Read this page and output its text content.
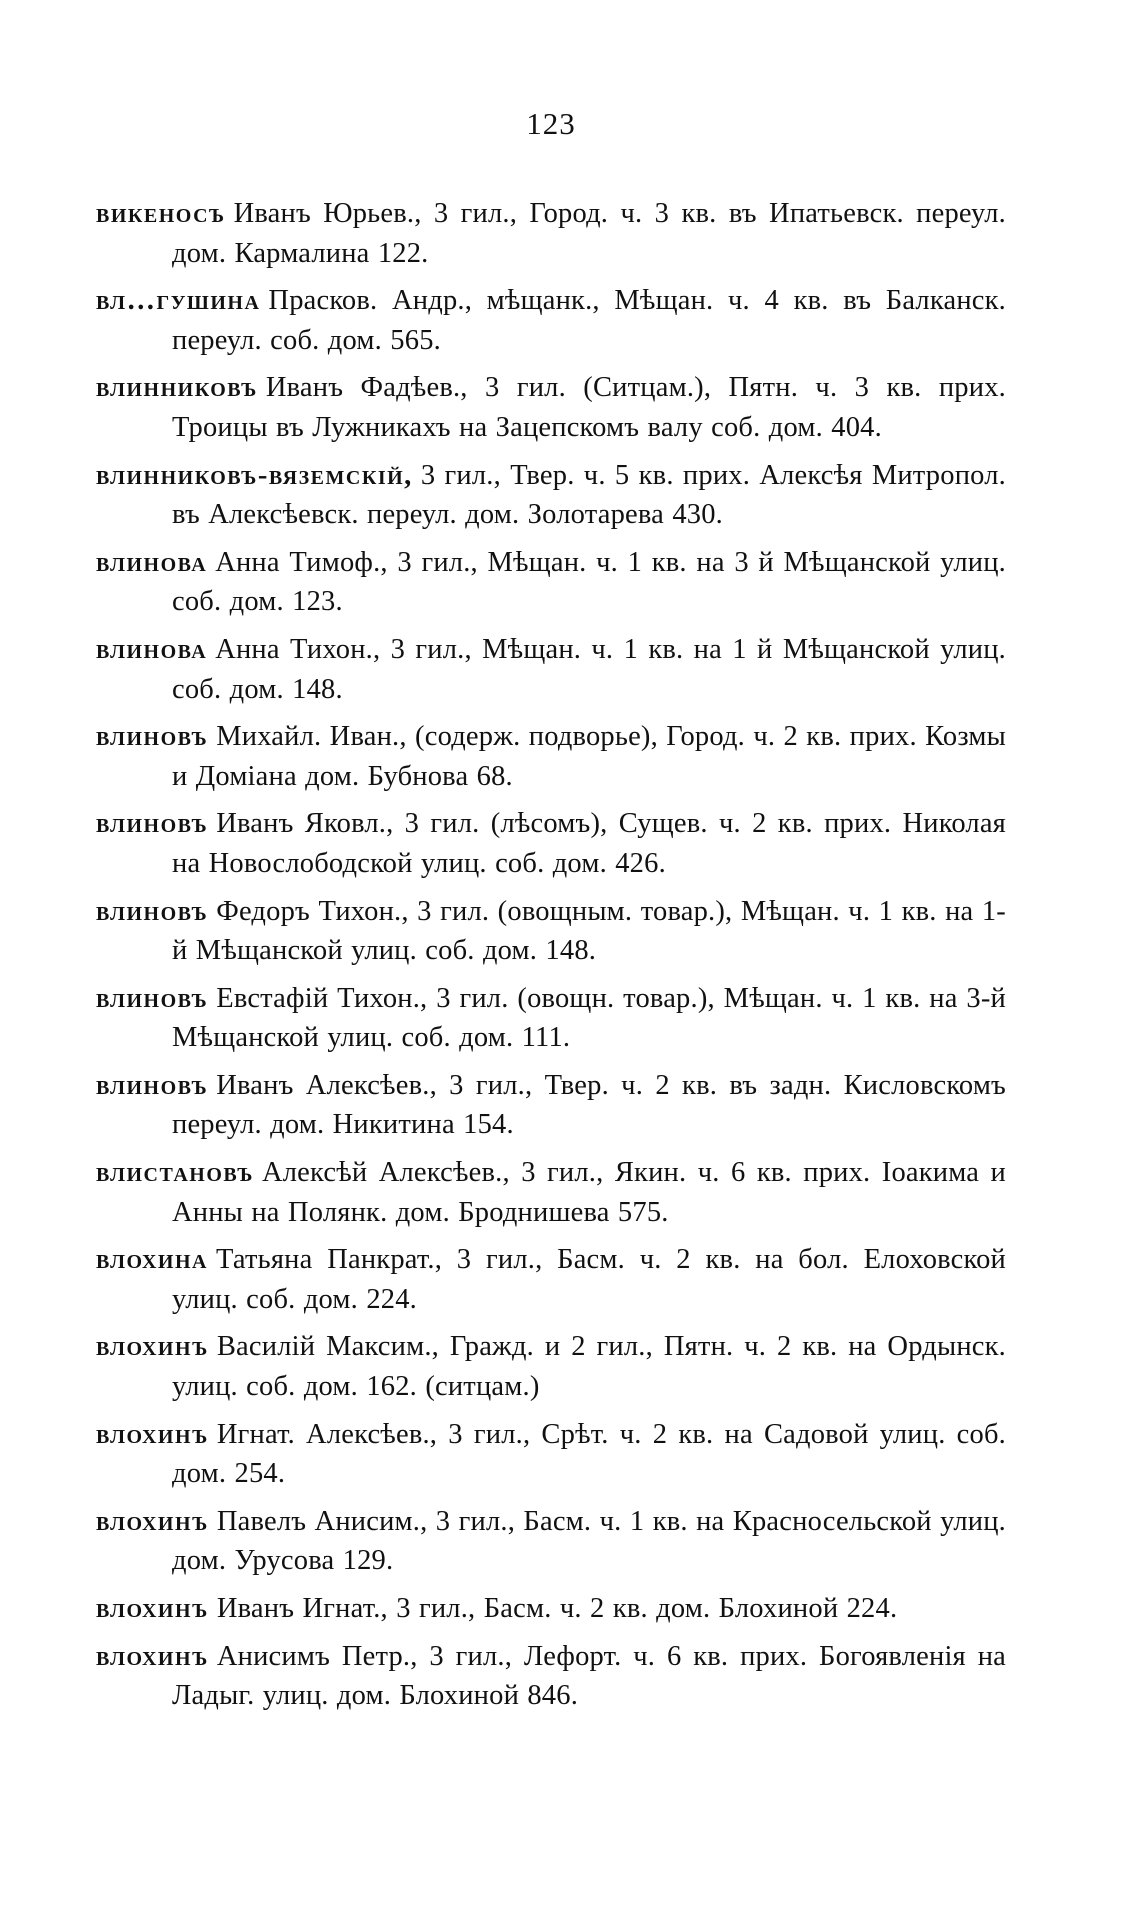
123
викеносъ Иванъ Юрьев., 3 гил., Город. ч. 3 кв. въ Ипатьевск. переул. дом. Кармалина 122.
вл…гушина Прасков. Андр., мѣщанк., Мѣщан. ч. 4 кв. въ Балканск. переул. соб. дом. 565.
влинниковъ Иванъ Фадѣев., 3 гил. (Ситцам.), Пятн. ч. 3 кв. прих. Троицы въ Лужникахъ на Зацепскомъ валу соб. дом. 404.
влинниковъ-вяземскій, 3 гил., Твер. ч. 5 кв. прих. Алексѣя Митропол. въ Алексѣевск. переул. дом. Золотарева 430.
влинова Анна Тимоф., 3 гил., Мѣщан. ч. 1 кв. на 3 й Мѣщанской улиц. соб. дом. 123.
влинова Анна Тихон., 3 гил., Мѣщан. ч. 1 кв. на 1 й Мѣщанской улиц. соб. дом. 148.
влиновъ Михайл. Иван., (содерж. подворье), Город. ч. 2 кв. прих. Козмы и Доміана дом. Бубнова 68.
влиновъ Иванъ Яковл., 3 гил. (лѣсомъ), Сущев. ч. 2 кв. прих. Николая на Новослободской улиц. соб. дом. 426.
влиновъ Федоръ Тихон., 3 гил. (овощным. товар.), Мѣщан. ч. 1 кв. на 1-й Мѣщанской улиц. соб. дом. 148.
влиновъ Евстафій Тихон., 3 гил. (овощн. товар.), Мѣщан. ч. 1 кв. на 3-й Мѣщанской улиц. соб. дом. 111.
влиновъ Иванъ Алексѣев., 3 гил., Твер. ч. 2 кв. въ задн. Кисловскомъ переул. дом. Никитина 154.
влистановъ Алексѣй Алексѣев., 3 гил., Якин. ч. 6 кв. прих. Іоакима и Анны на Полянк. дом. Броднишева 575.
влохина Татьяна Панкрат., 3 гил., Басм. ч. 2 кв. на бол. Елоховской улиц. соб. дом. 224.
влохинъ Василій Максим., Гражд. и 2 гил., Пятн. ч. 2 кв. на Ордынск. улиц. соб. дом. 162. (ситцам.)
влохинъ Игнат. Алексѣев., 3 гил., Срѣт. ч. 2 кв. на Садовой улиц. соб. дом. 254.
влохинъ Павелъ Анисим., 3 гил., Басм. ч. 1 кв. на Красносельской улиц. дом. Урусова 129.
влохинъ Иванъ Игнат., 3 гил., Басм. ч. 2 кв. дом. Блохиной 224.
влохинъ Анисимъ Петр., 3 гил., Лефорт. ч. 6 кв. прих. Богоявленія на Ладыг. улиц. дом. Блохиной 846.
